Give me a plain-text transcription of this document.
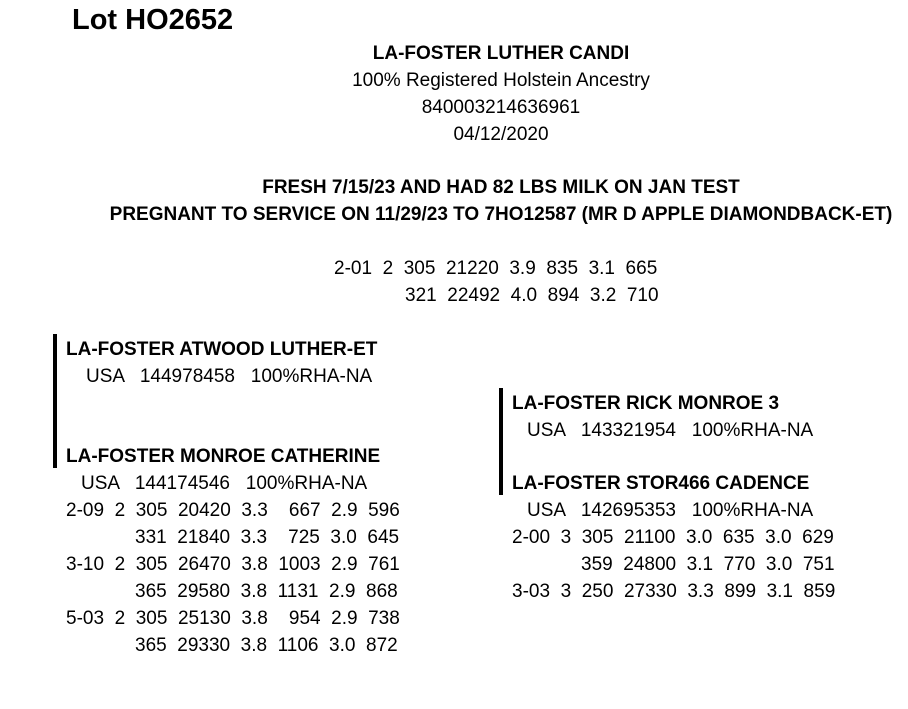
Lot HO2652
LA-FOSTER LUTHER CANDI
100% Registered Holstein Ancestry
840003214636961
04/12/2020
FRESH 7/15/23 AND HAD 82 LBS MILK ON JAN TEST
PREGNANT TO SERVICE ON 11/29/23 TO 7HO12587 (MR D APPLE DIAMONDBACK-ET)
2-01  2  305  21220  3.9  835  3.1  665
321  22492  4.0  894  3.2  710
LA-FOSTER ATWOOD LUTHER-ET
USA   144978458   100%RHA-NA
LA-FOSTER MONROE CATHERINE
USA   144174546   100%RHA-NA
2-09  2  305  20420  3.3    667  2.9  596
331  21840  3.3    725  3.0  645
3-10  2  305  26470  3.8  1003  2.9  761
365  29580  3.8  1131  2.9  868
5-03  2  305  25130  3.8    954  2.9  738
365  29330  3.8  1106  3.0  872
LA-FOSTER RICK MONROE 3
USA   143321954   100%RHA-NA
LA-FOSTER STOR466 CADENCE
USA   142695353   100%RHA-NA
2-00  3  305  21100  3.0  635  3.0  629
359  24800  3.1  770  3.0  751
3-03  3  250  27330  3.3  899  3.1  859
